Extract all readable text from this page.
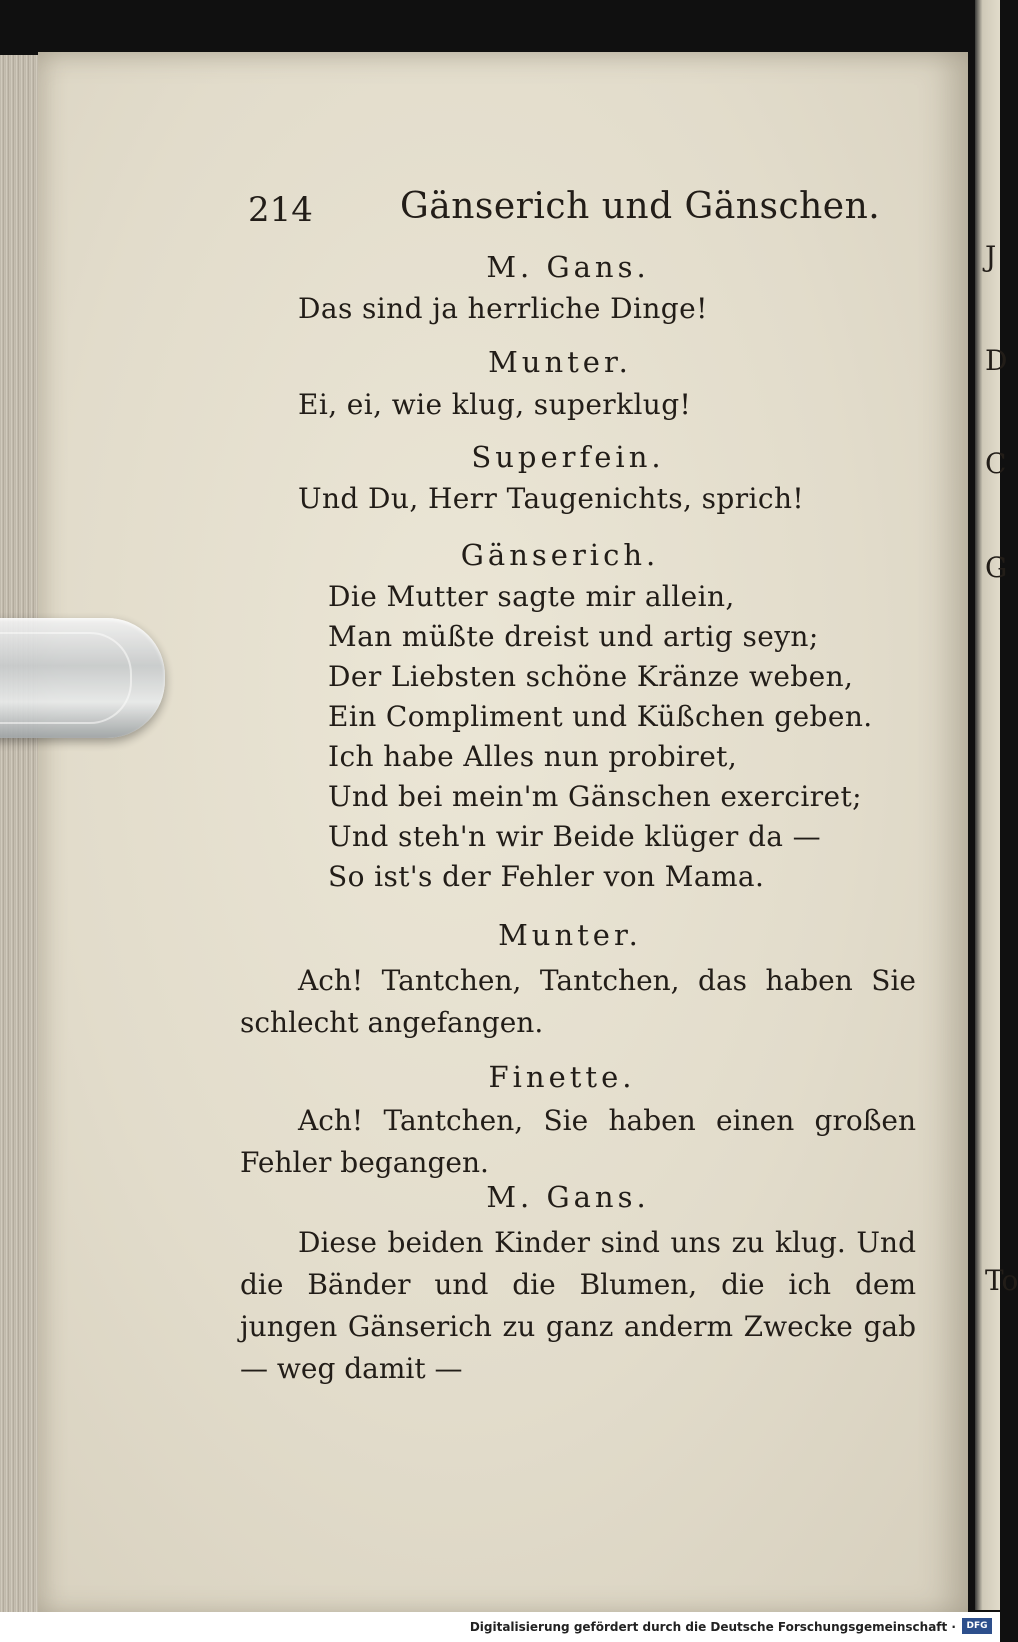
J
D
C
G
To
214 Gänserich und Gänschen.
M. Gans.
Das sind ja herrliche Dinge!
Munter.
Ei, ei, wie klug, superklug!
Superfein.
Und Du, Herr Taugenichts, sprich!
Gänserich.
Die Mutter sagte mir allein,
Man müßte dreist und artig seyn;
Der Liebsten schöne Kränze weben,
Ein Compliment und Küßchen geben.
Ich habe Alles nun probiret,
Und bei mein'm Gänschen exerciret;
Und steh'n wir Beide klüger da —
So ist's der Fehler von Mama.
Munter.
Ach! Tantchen, Tantchen, das haben Sie schlecht angefangen.
Finette.
Ach! Tantchen, Sie haben einen großen Fehler begangen.
M. Gans.
Diese beiden Kinder sind uns zu klug. Und die Bänder und die Blumen, die ich dem jungen Gänserich zu ganz anderm Zwecke gab — weg damit —
Digitalisierung gefördert durch die Deutsche Forschungsgemeinschaft ·	DFG
